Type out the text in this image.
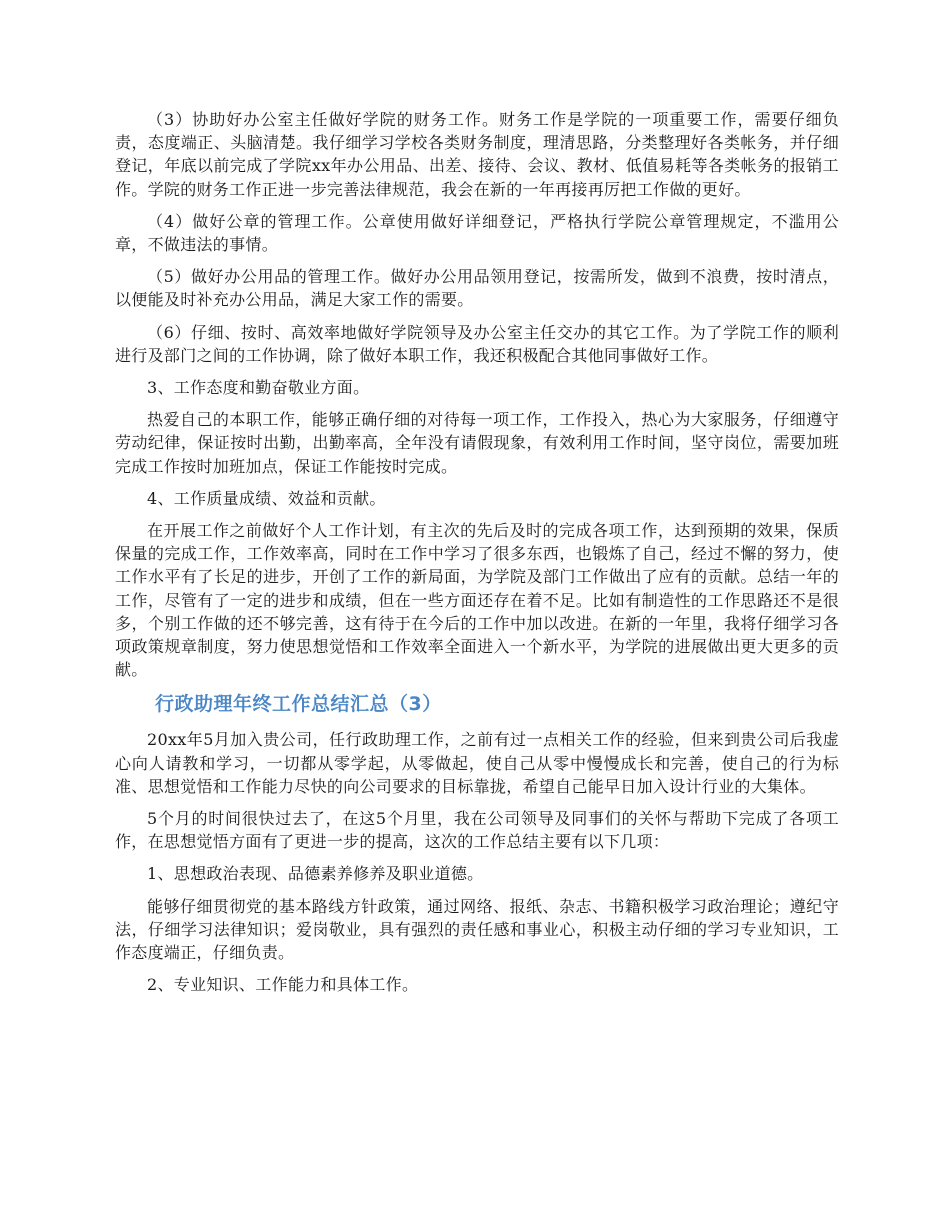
（3）协助好办公室主任做好学院的财务工作。财务工作是学院的一项重要工作，需要仔细负责，态度端正、头脑清楚。我仔细学习学校各类财务制度，理清思路，分类整理好各类帐务，并仔细登记，年底以前完成了学院xx年办公用品、出差、接待、会议、教材、低值易耗等各类帐务的报销工作。学院的财务工作正进一步完善法律规范，我会在新的一年再接再厉把工作做的更好。

（4）做好公章的管理工作。公章使用做好详细登记，严格执行学院公章管理规定，不滥用公章，不做违法的事情。

（5）做好办公用品的管理工作。做好办公用品领用登记，按需所发，做到不浪费，按时清点，以便能及时补充办公用品，满足大家工作的需要。

（6）仔细、按时、高效率地做好学院领导及办公室主任交办的其它工作。为了学院工作的顺利进行及部门之间的工作协调，除了做好本职工作，我还积极配合其他同事做好工作。

3、工作态度和勤奋敬业方面。

热爱自己的本职工作，能够正确仔细的对待每一项工作，工作投入，热心为大家服务，仔细遵守劳动纪律，保证按时出勤，出勤率高，全年没有请假现象，有效利用工作时间，坚守岗位，需要加班完成工作按时加班加点，保证工作能按时完成。

4、工作质量成绩、效益和贡献。

在开展工作之前做好个人工作计划，有主次的先后及时的完成各项工作，达到预期的效果，保质保量的完成工作，工作效率高，同时在工作中学习了很多东西，也锻炼了自己，经过不懈的努力，使工作水平有了长足的进步，开创了工作的新局面，为学院及部门工作做出了应有的贡献。总结一年的工作，尽管有了一定的进步和成绩，但在一些方面还存在着不足。比如有制造性的工作思路还不是很多，个别工作做的还不够完善，这有待于在今后的工作中加以改进。在新的一年里，我将仔细学习各项政策规章制度，努力使思想觉悟和工作效率全面进入一个新水平，为学院的进展做出更大更多的贡献。

行政助理年终工作总结汇总（3）

20xx年5月加入贵公司，任行政助理工作，之前有过一点相关工作的经验，但来到贵公司后我虚心向人请教和学习，一切都从零学起，从零做起，使自己从零中慢慢成长和完善，使自己的行为标准、思想觉悟和工作能力尽快的向公司要求的目标靠拢，希望自己能早日加入设计行业的大集体。

5个月的时间很快过去了，在这5个月里，我在公司领导及同事们的关怀与帮助下完成了各项工作，在思想觉悟方面有了更进一步的提高，这次的工作总结主要有以下几项：

1、思想政治表现、品德素养修养及职业道德。

能够仔细贯彻党的基本路线方针政策，通过网络、报纸、杂志、书籍积极学习政治理论；遵纪守法，仔细学习法律知识；爱岗敬业，具有强烈的责任感和事业心，积极主动仔细的学习专业知识，工作态度端正，仔细负责。

2、专业知识、工作能力和具体工作。
